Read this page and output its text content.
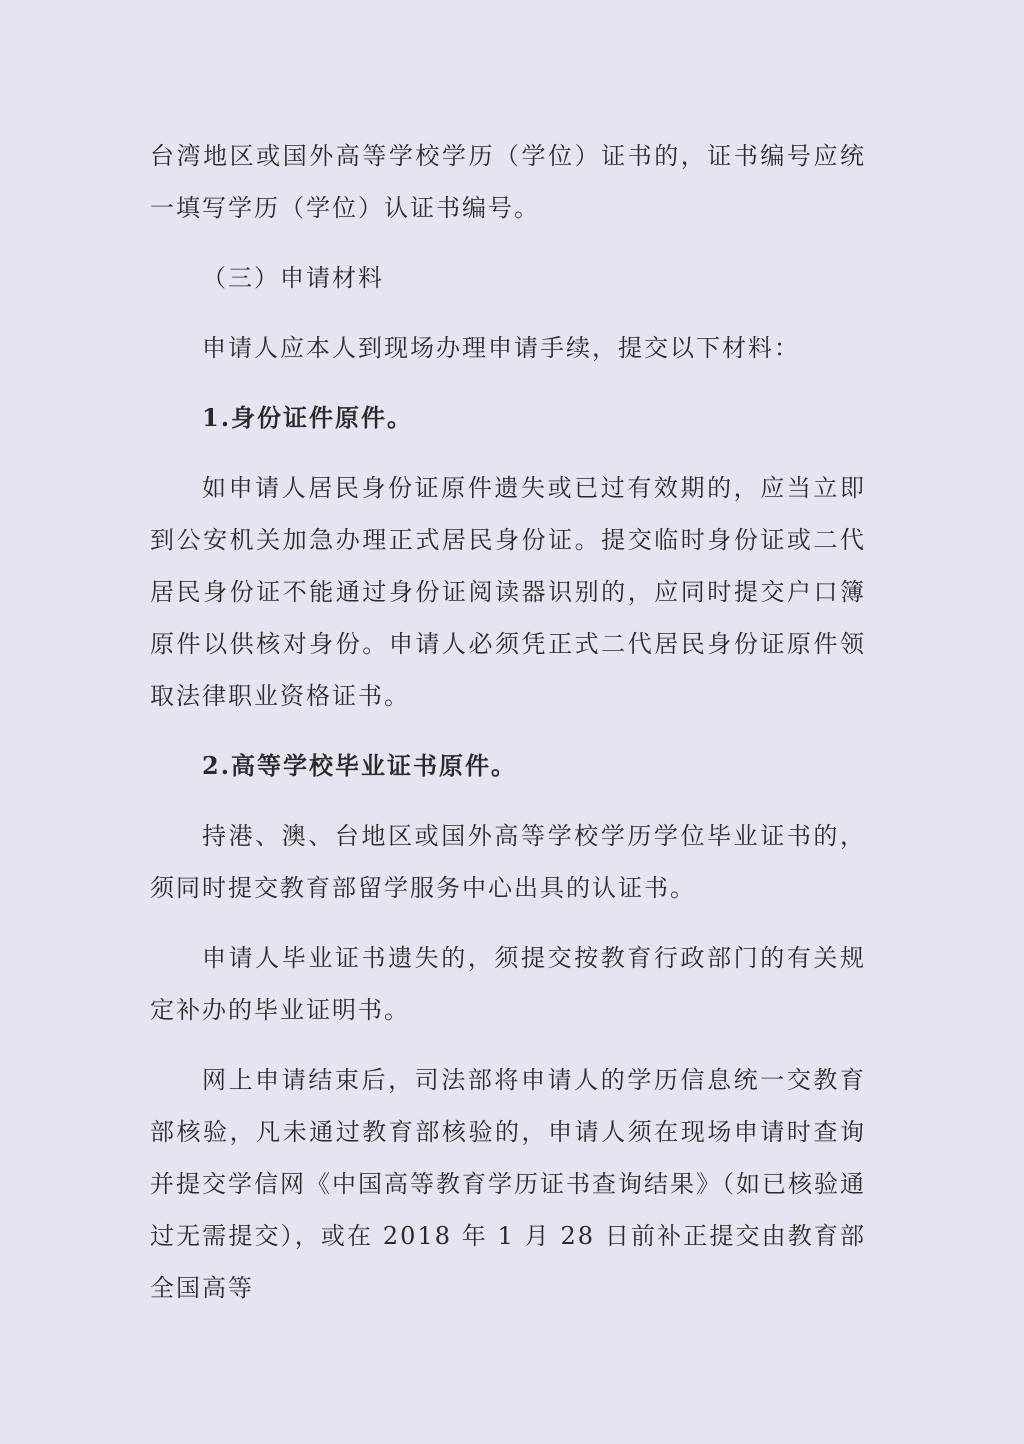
台湾地区或国外高等学校学历（学位）证书的，证书编号应统一填写学历（学位）认证书编号。

（三）申请材料

申请人应本人到现场办理申请手续，提交以下材料：

1.身份证件原件。

如申请人居民身份证原件遗失或已过有效期的，应当立即到公安机关加急办理正式居民身份证。提交临时身份证或二代居民身份证不能通过身份证阅读器识别的，应同时提交户口簿原件以供核对身份。申请人必须凭正式二代居民身份证原件领取法律职业资格证书。

2.高等学校毕业证书原件。

持港、澳、台地区或国外高等学校学历学位毕业证书的，须同时提交教育部留学服务中心出具的认证书。

申请人毕业证书遗失的，须提交按教育行政部门的有关规定补办的毕业证明书。

网上申请结束后，司法部将申请人的学历信息统一交教育部核验，凡未通过教育部核验的，申请人须在现场申请时查询并提交学信网《中国高等教育学历证书查询结果》（如已核验通过无需提交），或在 2018 年 1 月 28 日前补正提交由教育部全国高等
